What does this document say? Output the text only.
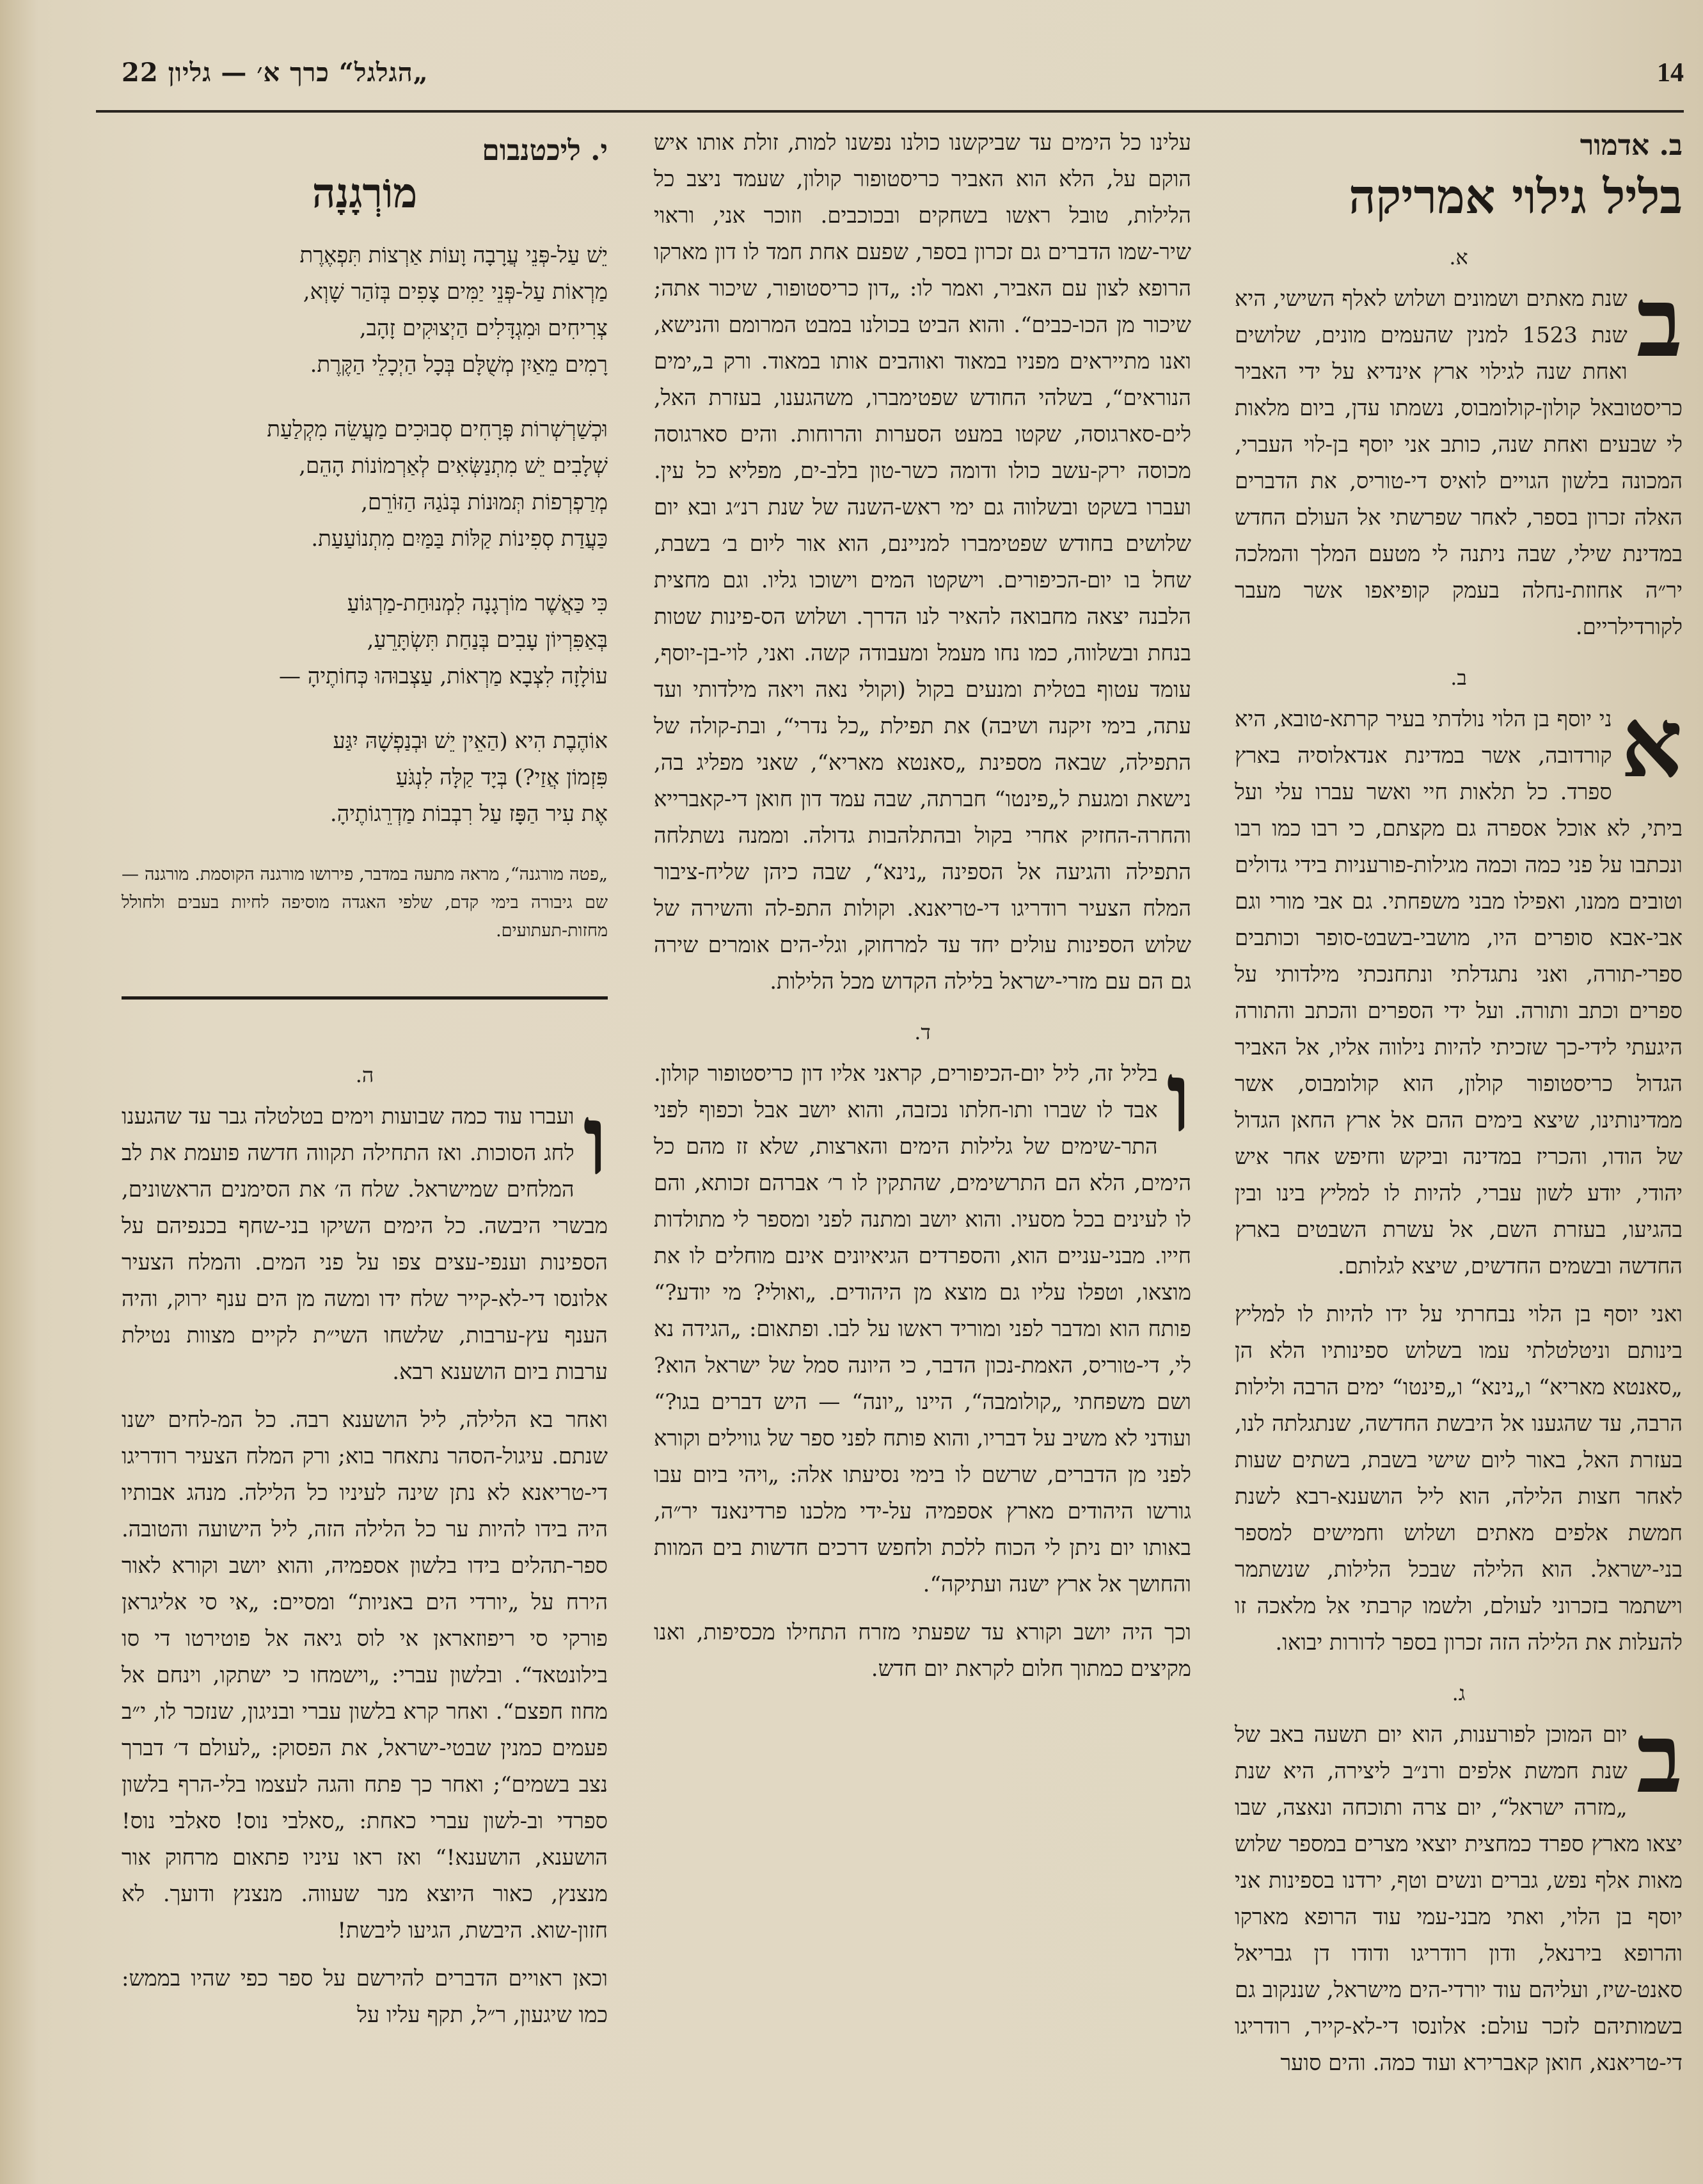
14
„הגלגל“ כרך א׳ — גליון 22
ב. אדמור
בליל גילוי אמריקה
א.

ב
שנת מאתים ושמונים ושלוש לאלף השישי, היא שנת 1523 למנין שהעמים מונים, שלושים ואחת שנה לגילוי ארץ אינדיא על ידי האביר כריסטובאל קולון-קולומבוס, נשמתו עדן, ביום מלאות לי שבעים ואחת שנה, כותב אני יוסף בן-לוי העברי, המכונה בלשון הגויים לואיס די-טוריס, את הדברים האלה זכרון בספר, לאחר שפרשתי אל העולם החדש במדינת שילי, שבה ניתנה לי מטעם המלך והמלכה יר״ה אחוזת-נחלה בעמק קופיאפו אשר מעבר לקורדילריים.

ב.

א
ני יוסף בן הלוי נולדתי בעיר קרתא-טובא, היא קורדובה, אשר במדינת אנדאלוסיה בארץ ספרד. כל תלאות חיי ואשר עברו עלי ועל ביתי, לא אוכל אספרה גם מקצתם, כי רבו כמו רבו ונכתבו על פני כמה וכמה מגילות-פורעניות בידי גדולים וטובים ממנו, ואפילו מבני משפחתי. גם אבי מורי וגם אבי-אבא סופרים היו, מושבי-בשבט-סופר וכותבים ספרי-תורה, ואני נתגדלתי ונתחנכתי מילדותי על ספרים וכתב ותורה. ועל ידי הספרים והכתב והתורה היגעתי לידי-כך שזכיתי להיות נילווה אליו, אל האביר הגדול כריסטופור קולון, הוא קולומבוס, אשר ממדינותינו, שיצא בימים ההם אל ארץ החאן הגדול של הודו, והכריז במדינה וביקש וחיפש אחר איש יהודי, יודע לשון עברי, להיות לו למליץ בינו ובין בהגיעו, בעזרת השם, אל עשרת השבטים בארץ החדשה ובשמים החדשים, שיצא לגלותם.

ואני יוסף בן הלוי נבחרתי על ידו להיות לו למליץ בינותם וניטלטלתי עמו בשלוש ספינותיו הלא הן „סאנטא מאריא“ ו„נינא“ ו„פינטו“ ימים הרבה ולילות הרבה, עד שהגענו אל היבשת החדשה, שנתגלתה לנו, בעזרת האל, באור ליום שישי בשבת, בשתים שעות לאחר חצות הלילה, הוא ליל הושענא-רבא לשנת חמשת אלפים מאתים ושלוש וחמישים למספר בני-ישראל. הוא הלילה שבכל הלילות, שנשתמר וישתמר בזכרוני לעולם, ולשמו קרבתי אל מלאכה זו להעלות את הלילה הזה זכרון בספר לדורות יבואו.

ג.

ב
יום המוכן לפורענות, הוא יום תשעה באב של שנת חמשת אלפים ורנ״ב ליצירה, היא שנת „מזרה ישראל“, יום צרה ותוכחה ונאצה, שבו יצאו מארץ ספרד כמחצית יוצאי מצרים במספר שלוש מאות אלף נפש, גברים ונשים וטף, ירדנו בספינות אני יוסף בן הלוי, ואתי מבני-עמי עוד הרופא מארקו והרופא בירנאל, ודון רודריגו ודודו דן גבריאל סאנט-שיז, ועליהם עוד יורדי-הים מישראל, שננקוב גם בשמותיהם לזכר עולם: אלונסו די-לא-קייר, רודריגו די-טריאנא, חואן קאברירא ועוד כמה. והים סוער

עלינו כל הימים עד שביקשנו כולנו נפשנו למות, זולת אותו איש הוקם על, הלא הוא האביר כריסטופור קולון, שעמד ניצב כל הלילות, טובל ראשו בשחקים ובכוכבים. וזוכר אני, וראוי שיר-שמו הדברים גם זכרון בספר, שפעם אחת חמד לו דון מארקו הרופא לצון עם האביר, ואמר לו: „דון כריסטופור, שיכור אתה; שיכור מן הכו-כבים“. והוא הביט בכולנו במבט המרומם והנישא, ואנו מתייראים מפניו במאוד ואוהבים אותו במאוד. ורק ב„ימים הנוראים“, בשלהי החודש שפטימברו, משהגענו, בעזרת האל, לים-סארגוסה, שקטו במעט הסערות והרוחות. והים סארגוסה מכוסה ירק-עשב כולו ודומה כשר-טון בלב-ים, מפליא כל עין. ועברו בשקט ובשלווה גם ימי ראש-השנה של שנת רנ״ג ובא יום שלושים בחודש שפטימברו למניינם, הוא אור ליום ב׳ בשבת, שחל בו יום-הכיפורים. וישקטו המים וישוכו גליו. וגם מחצית הלבנה יצאה מחבואה להאיר לנו הדרך. ושלוש הס-פינות שטות בנחת ובשלווה, כמו נחו מעמל ומעבודה קשה. ואני, לוי-בן-יוסף, עומד עטוף בטלית ומנעים בקול (וקולי נאה ויאה מילדותי ועד עתה, בימי זיקנה ושיבה) את תפילת „כל נדרי“, ובת-קולה של התפילה, שבאה מספינת „סאנטא מאריא“, שאני מפליג בה, נישאת ומגעת ל„פינטו“ חברתה, שבה עמד דון חואן די-קאברייא והחרה-החזיק אחרי בקול ובהתלהבות גדולה. וממנה נשתלחה התפילה והגיעה אל הספינה „נינא“, שבה כיהן שליח-ציבור המלח הצעיר רודריגו די-טריאנא. וקולות התפ-לה והשירה של שלוש הספינות עולים יחד עד למרחוק, וגלי-הים אומרים שירה גם הם עם מזרי-ישראל בלילה הקדוש מכל הלילות.

ד.

ו
בליל זה, ליל יום-הכיפורים, קראני אליו דון כריסטופור קולון. אבד לו שברו ותו-חלתו נכזבה, והוא יושב אבל וכפוף לפני התר-שימים של גלילות הימים והארצות, שלא זז מהם כל הימים, הלא הם התרשימים, שהתקין לו ר׳ אברהם זכותא, והם לו לעינים בכל מסעיו. והוא יושב ומתנה לפני ומספר לי מתולדות חייו. מבני-עניים הוא, והספרדים הגיאיונים אינם מוחלים לו את מוצאו, וטפלו עליו גם מוצא מן היהודים. „ואולי? מי יודע?“ פותח הוא ומדבר לפני ומוריד ראשו על לבו. ופתאום: „הגידה נא לי, די-טוריס, האמת-נכון הדבר, כי היונה סמל של ישראל הוא? ושם משפחתי „קולומבה“, היינו „יונה“ — היש דברים בגו?“ ועודני לא משיב על דבריו, והוא פותח לפני ספר של גווילים וקורא לפני מן הדברים, שרשם לו בימי נסיעתו אלה: „ויהי ביום עבו גורשו היהודים מארץ אספמיה על-ידי מלכנו פרדינאנד יר״ה, באותו יום ניתן לי הכוח ללכת ולחפש דרכים חדשות בים המוות והחושך אל ארץ ישנה ועתיקה“.

וכך היה יושב וקורא עד שפעתי מזרח התחילו מכסיפות, ואנו מקיצים כמתוך חלום לקראת יום חדש.

י. ליכטנבום
מוֹרְגָנָה

יֵשׁ עַל-פְּנֵי עֲרָבָה וָעוֹת אַרְצוֹת תִּפְאֶרֶת
מַרְאוֹת עַל-פְּנֵי יַמִּים צָפִים בְּזֹהַר שָׁוְא,
צְרִיחִים וּמִגְדָּלִים הַיְצוּקִים זָהָב,
רָמִים מֵאַיִן מְשֻׁלָּם בְּכָל הַיְכָלֵי הַקֶּרֶת.

וּכְשַׁרְשְׁרוֹת פְּרָחִים סְבוּכִים מַעֲשֵׂה מִקְלַעַת
שְׁלָבִים יֵשׁ מִתְנַשְּׂאִים לְאַרְמוֹנוֹת הָהֵם,
מְרַפְרְפוֹת תְּמוּנוֹת בְּנֹגַהּ הַזּוֹרֵם,
כַּעֲדַת סְפִינוֹת קַלּוֹת בַּמַּיִם מִתְנוֹעַעַת.

כִּי כַּאֲשֶׁר מוֹרְגָנָה לִמְנוּחַת-מַרְגּוֹעַ
בְּאַפִּרְיוֹן עָבִים בְּנַחַת תִּשְׂתָּרֵעַ,
עוֹלָזָה לִצְבָא מַרְאוֹת, עַצְבוּהוּ כְּחוֹתֶיהָ —

אוֹהֶבֶת הִיא (הַאֵין יֵשׁ וּבְנַפְשָׁהּ יִגַּע
פִּזְמוֹן אֲזַי?) בְּיָד קַלָּה לִנְגֹּעַ
אֶת עִיר הַפָּז עַל רִבְבוֹת מַדְרֵגוֹתֶיהָ.

„פטה מורגנה“, מראה מתעה במדבר, פירושו מורגנה הקוסמת. מורגנה — שם גיבורה בימי קדם, שלפי האגדה מוסיפה לחיות בעבים ולחולל מחזות-תעתועים.
ה.

ו
ועברו עוד כמה שבועות וימים בטלטלה גבר עד שהגענו לחג הסוכות. ואז התחילה תקווה חדשה פועמת את לב המלחים שמישראל. שלח ה׳ את הסימנים הראשונים, מבשרי היבשה. כל הימים השיקו בני-שחף בכנפיהם על הספינות וענפי-עצים צפו על פני המים. והמלח הצעיר אלונסו די-לא-קייר שלח ידו ומשה מן הים ענף ירוק, והיה הענף עץ-ערבות, שלשחו השי״ת לקיים מצוות נטילת ערבות ביום הושענא רבא.

ואחר בא הלילה, ליל הושענא רבה. כל המ-לחים ישנו שנתם. עיגול-הסהר נתאחר בוא; ורק המלח הצעיר רודריגו די-טריאנא לא נתן שינה לעיניו כל הלילה. מנהג אבותיו היה בידו להיות ער כל הלילה הזה, ליל הישועה והטובה. ספר-תהלים בידו בלשון אספמיה, והוא יושב וקורא לאור הירח על „יורדי הים באניות“ ומסיים: „אי סי אליגראן פורקי סי ריפוזאראן אי לוס גיאה אל פוטירטו די סו בילונטאד“. ובלשון עברי: „וישמחו כי ישתקו, וינחם אל מחוז חפצם“. ואחר קרא בלשון עברי ובניגון, שנזכר לו, י״ב פעמים כמנין שבטי-ישראל, את הפסוק: „לעולם ד׳ דברך נצב בשמים“; ואחר כך פתח והגה לעצמו בלי-הרף בלשון ספרדי וב-לשון עברי כאחת: „סאלבי נוס! סאלבי נוס! הושענא, הושענא!“ ואז ראו עיניו פתאום מרחוק אור מנצנץ, כאור היוצא מנר שעווה. מנצנץ ודועך. לא חזון-שוא. היבשת, הגיעו ליבשת!

וכאן ראויים הדברים להירשם על ספר כפי שהיו בממש: כמו שיגעון, ר״ל, תקף עליו על
